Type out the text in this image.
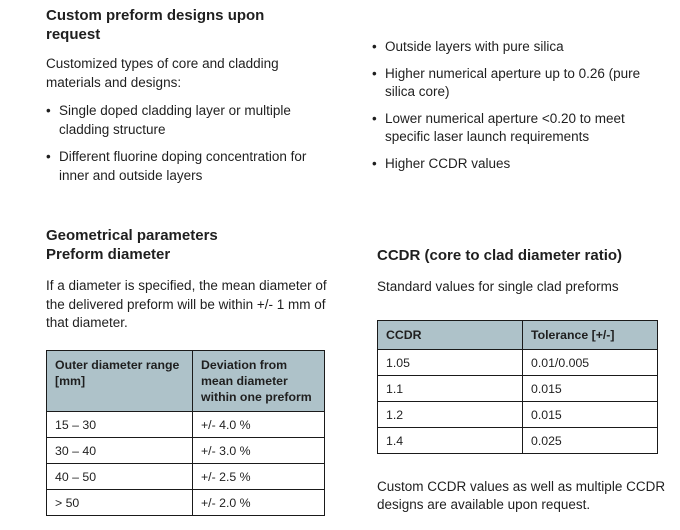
Custom preform designs upon request

Customized types of core and cladding materials and designs:

• Single doped cladding layer or multiple cladding structure
• Different fluorine doping concentration for inner and outside layers
• Outside layers with pure silica
• Higher numerical aperture up to 0.26 (pure silica core)
• Lower numerical aperture <0.20 to meet specific laser launch requirements
• Higher CCDR values
Geometrical parameters
Preform diameter

If a diameter is specified, the mean diameter of the delivered preform will be within +/- 1 mm of that diameter.

Outer diameter range [mm]	Deviation from mean diameter within one preform
15 – 30	+/- 4.0 %
30 – 40	+/- 3.0 %
40 – 50	+/- 2.5 %
> 50	+/- 2.0 %
CCDR (core to clad diameter ratio)

Standard values for single clad preforms

CCDR	Tolerance [+/-]
1.05	0.01/0.005
1.1	0.015
1.2	0.015
1.4	0.025

Custom CCDR values as well as multiple CCDR designs are available upon request.
